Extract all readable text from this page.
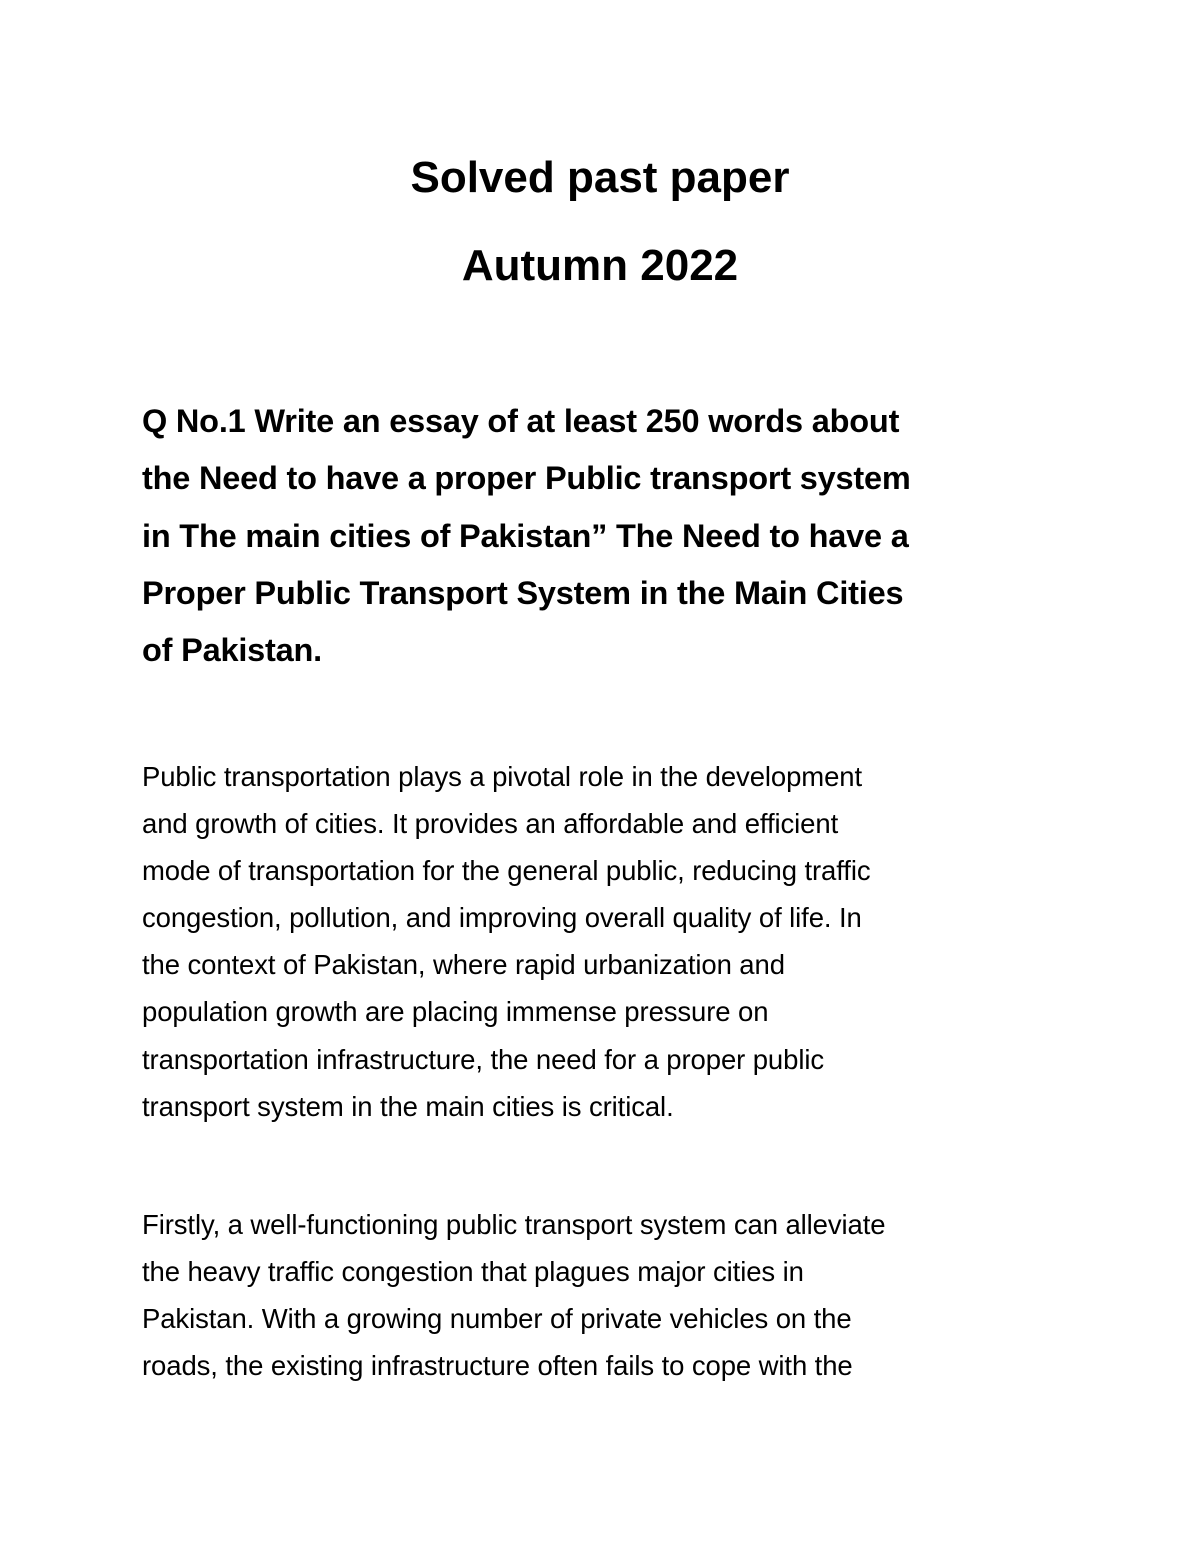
Solved past paper
Autumn 2022

Q No.1 Write an essay of at least 250 words about
the Need to have a proper Public transport system
in The main cities of Pakistan” The Need to have a
Proper Public Transport System in the Main Cities
of Pakistan.

Public transportation plays a pivotal role in the development
and growth of cities. It provides an affordable and efficient
mode of transportation for the general public, reducing traffic
congestion, pollution, and improving overall quality of life. In
the context of Pakistan, where rapid urbanization and
population growth are placing immense pressure on
transportation infrastructure, the need for a proper public
transport system in the main cities is critical.

Firstly, a well-functioning public transport system can alleviate
the heavy traffic congestion that plagues major cities in
Pakistan. With a growing number of private vehicles on the
roads, the existing infrastructure often fails to cope with the
